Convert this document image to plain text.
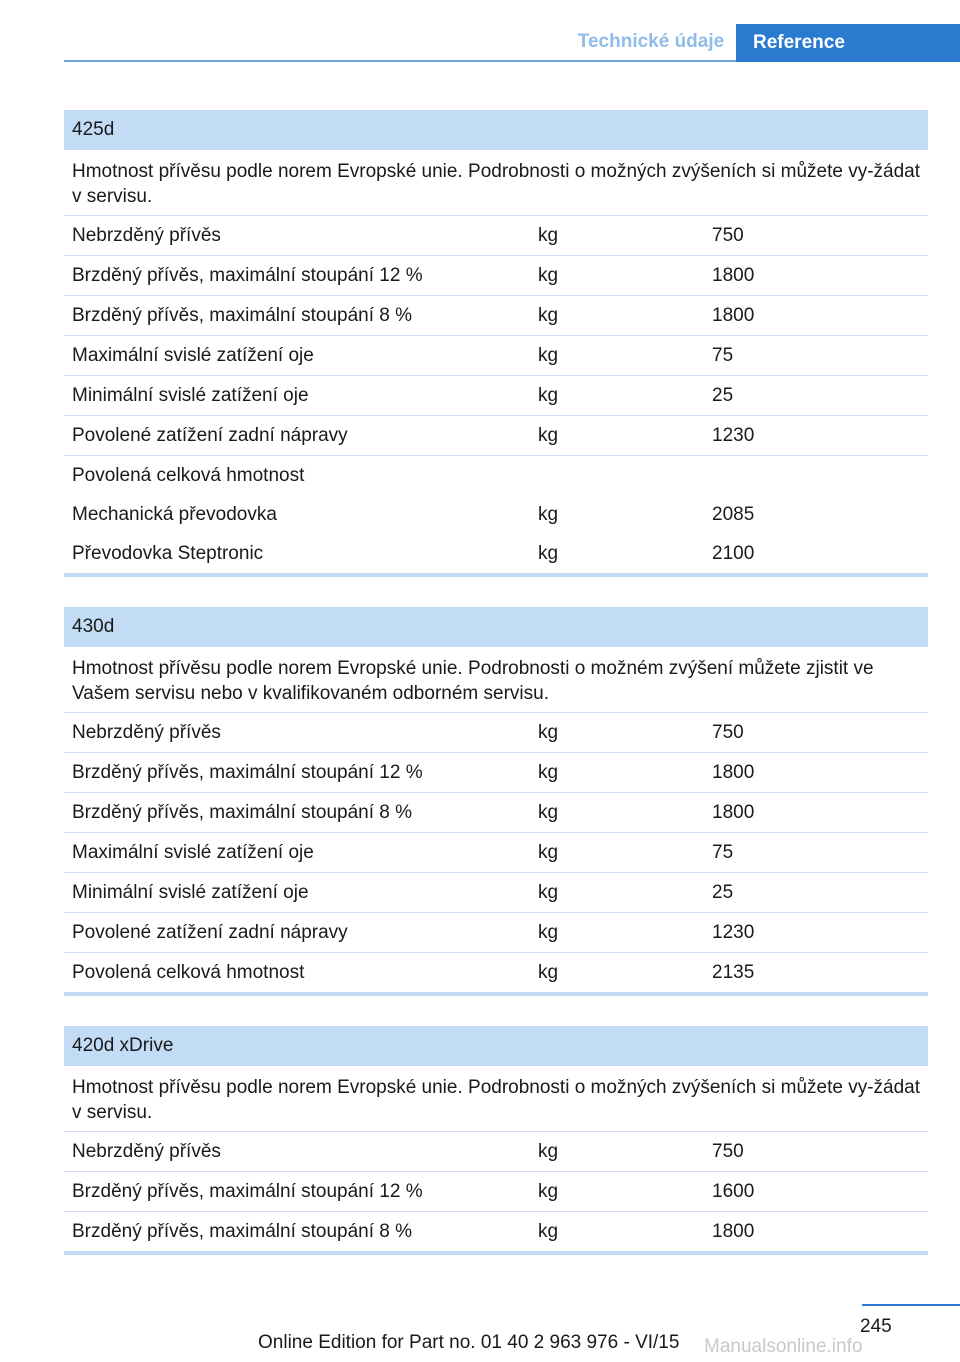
Technické údaje	Reference
425d
Hmotnost přívěsu podle norem Evropské unie. Podrobnosti o možných zvýšeních si můžete vy-žádat v servisu.
Nebrzděný přívěs	kg	750
Brzděný přívěs, maximální stoupání 12 %	kg	1800
Brzděný přívěs, maximální stoupání 8 %	kg	1800
Maximální svislé zatížení oje	kg	75
Minimální svislé zatížení oje	kg	25
Povolené zatížení zadní nápravy	kg	1230
Povolená celková hmotnost
Mechanická převodovka	kg	2085
Převodovka Steptronic	kg	2100
430d
Hmotnost přívěsu podle norem Evropské unie. Podrobnosti o možném zvýšení můžete zjistit ve Vašem servisu nebo v kvalifikovaném odborném servisu.
Nebrzděný přívěs	kg	750
Brzděný přívěs, maximální stoupání 12 %	kg	1800
Brzděný přívěs, maximální stoupání 8 %	kg	1800
Maximální svislé zatížení oje	kg	75
Minimální svislé zatížení oje	kg	25
Povolené zatížení zadní nápravy	kg	1230
Povolená celková hmotnost	kg	2135
420d xDrive
Hmotnost přívěsu podle norem Evropské unie. Podrobnosti o možných zvýšeních si můžete vy-žádat v servisu.
Nebrzděný přívěs	kg	750
Brzděný přívěs, maximální stoupání 12 %	kg	1600
Brzděný přívěs, maximální stoupání 8 %	kg	1800
245
Online Edition for Part no. 01 40 2 963 976 - VI/15 Manualsonline.info
